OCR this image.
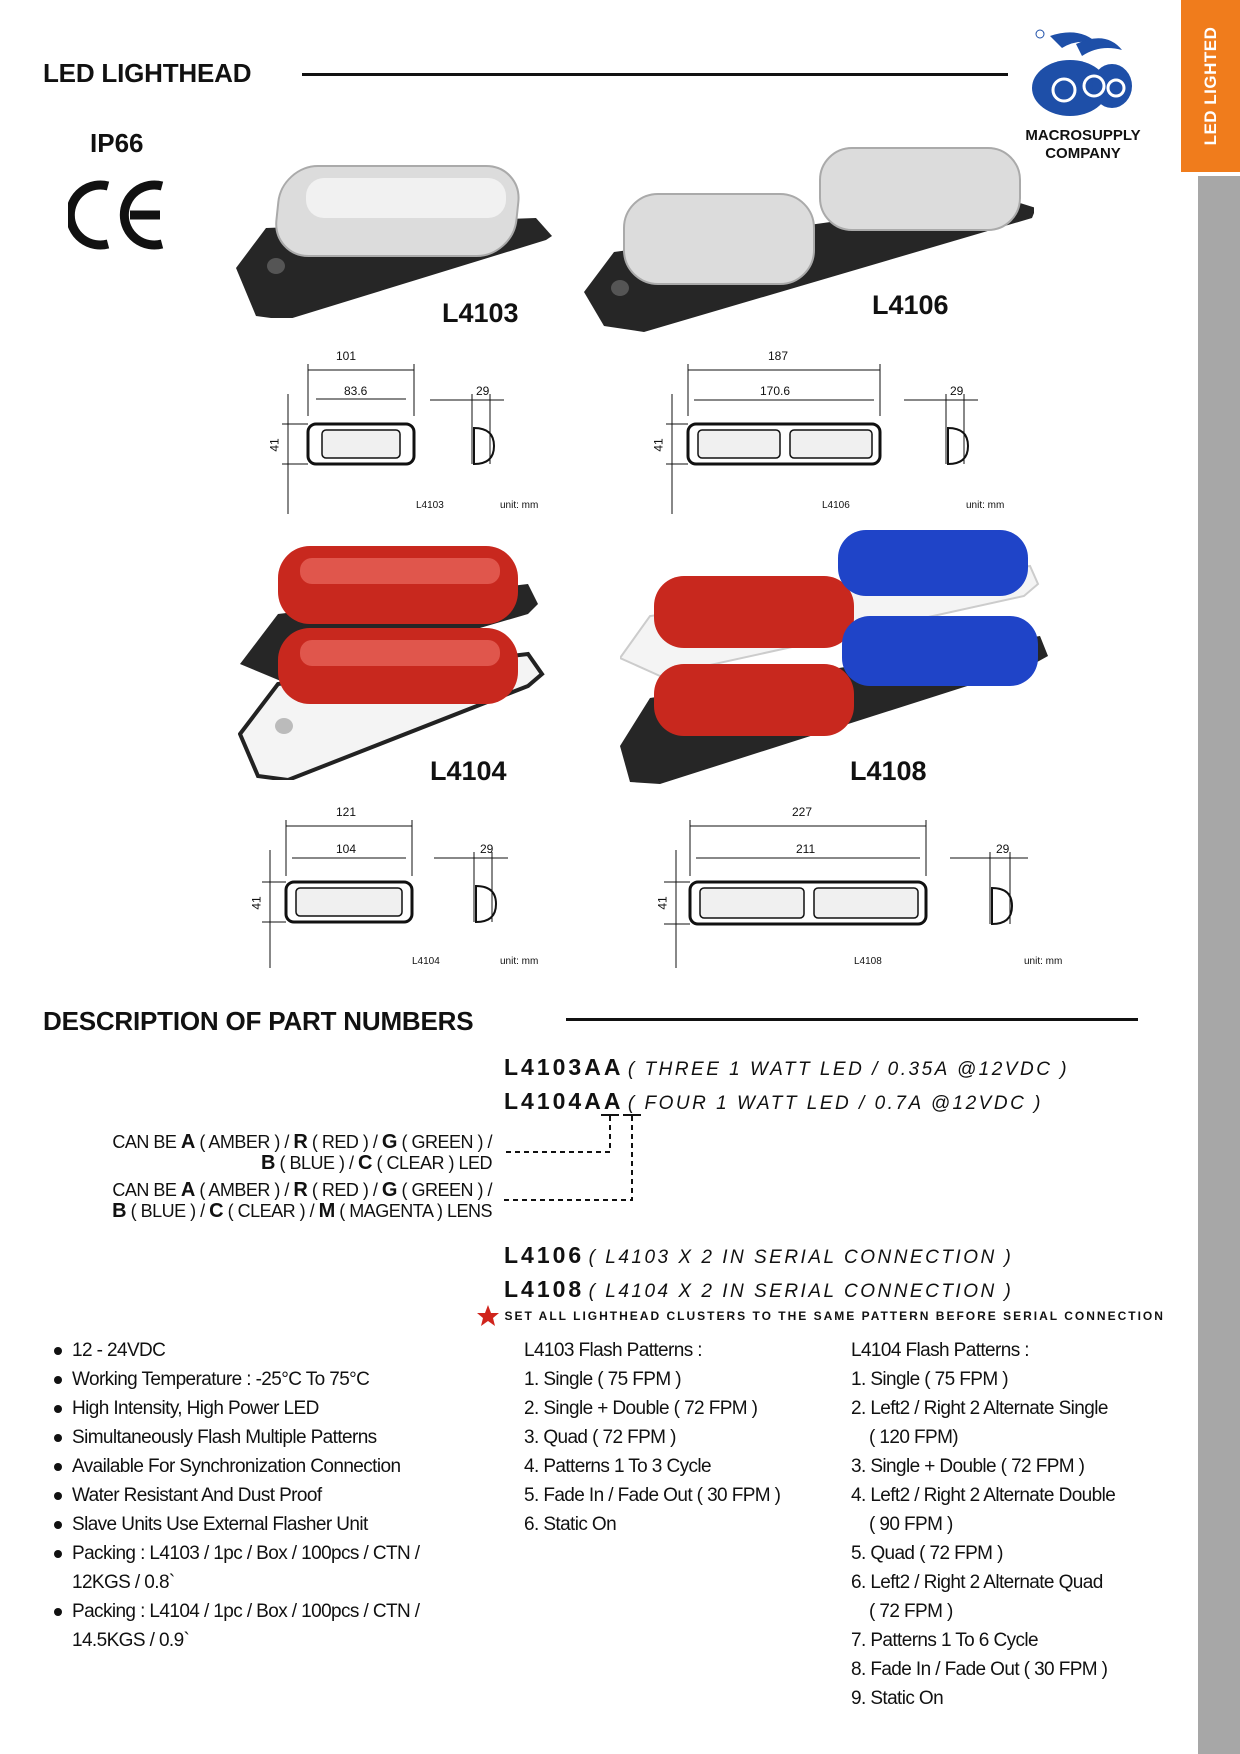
LED LIGHTED
LED LIGHTHEAD
MACROSUPPLY
COMPANY
IP66
L4103	L4106
L4104	L4108
101
83.6
41
29
L4103	unit: mm
187
170.6
41
29
L4106	unit: mm
121
104
41
29
L4104	unit: mm
227
211
41
29
L4108	unit: mm
DESCRIPTION OF PART NUMBERS
L4103AA ( THREE 1 WATT LED / 0.35A @12VDC )
L4104AA ( FOUR 1 WATT LED / 0.7A @12VDC )
CAN BE A ( AMBER ) / R ( RED ) / G ( GREEN ) /
B ( BLUE ) / C ( CLEAR ) LED
CAN BE A ( AMBER ) / R ( RED ) / G ( GREEN ) /
B ( BLUE ) / C ( CLEAR ) / M ( MAGENTA ) LENS
L4106 ( L4103 X 2 IN SERIAL CONNECTION )
L4108 ( L4104 X 2 IN SERIAL CONNECTION )
SET ALL LIGHTHEAD CLUSTERS TO THE SAME PATTERN BEFORE SERIAL CONNECTION
12 - 24VDC
Working Temperature : -25°C To 75°C
High Intensity, High Power LED
Simultaneously Flash Multiple Patterns
Available For Synchronization Connection
Water Resistant And Dust Proof
Slave Units Use External Flasher Unit
Packing : L4103 / 1pc / Box / 100pcs / CTN /
12KGS / 0.8`
Packing : L4104 / 1pc / Box / 100pcs / CTN /
14.5KGS / 0.9`
L4103 Flash Patterns :
1. Single ( 75 FPM )
2. Single + Double ( 72 FPM )
3. Quad ( 72 FPM )
4. Patterns 1 To 3 Cycle
5. Fade In / Fade Out ( 30 FPM )
6. Static On
L4104 Flash Patterns :
1. Single ( 75 FPM )
2. Left2 / Right 2 Alternate Single
( 120 FPM)
3. Single + Double ( 72 FPM )
4. Left2 / Right 2 Alternate Double
( 90 FPM )
5. Quad ( 72 FPM )
6. Left2 / Right 2 Alternate Quad
( 72 FPM )
7. Patterns 1 To 6 Cycle
8. Fade In / Fade Out ( 30 FPM )
9. Static On
